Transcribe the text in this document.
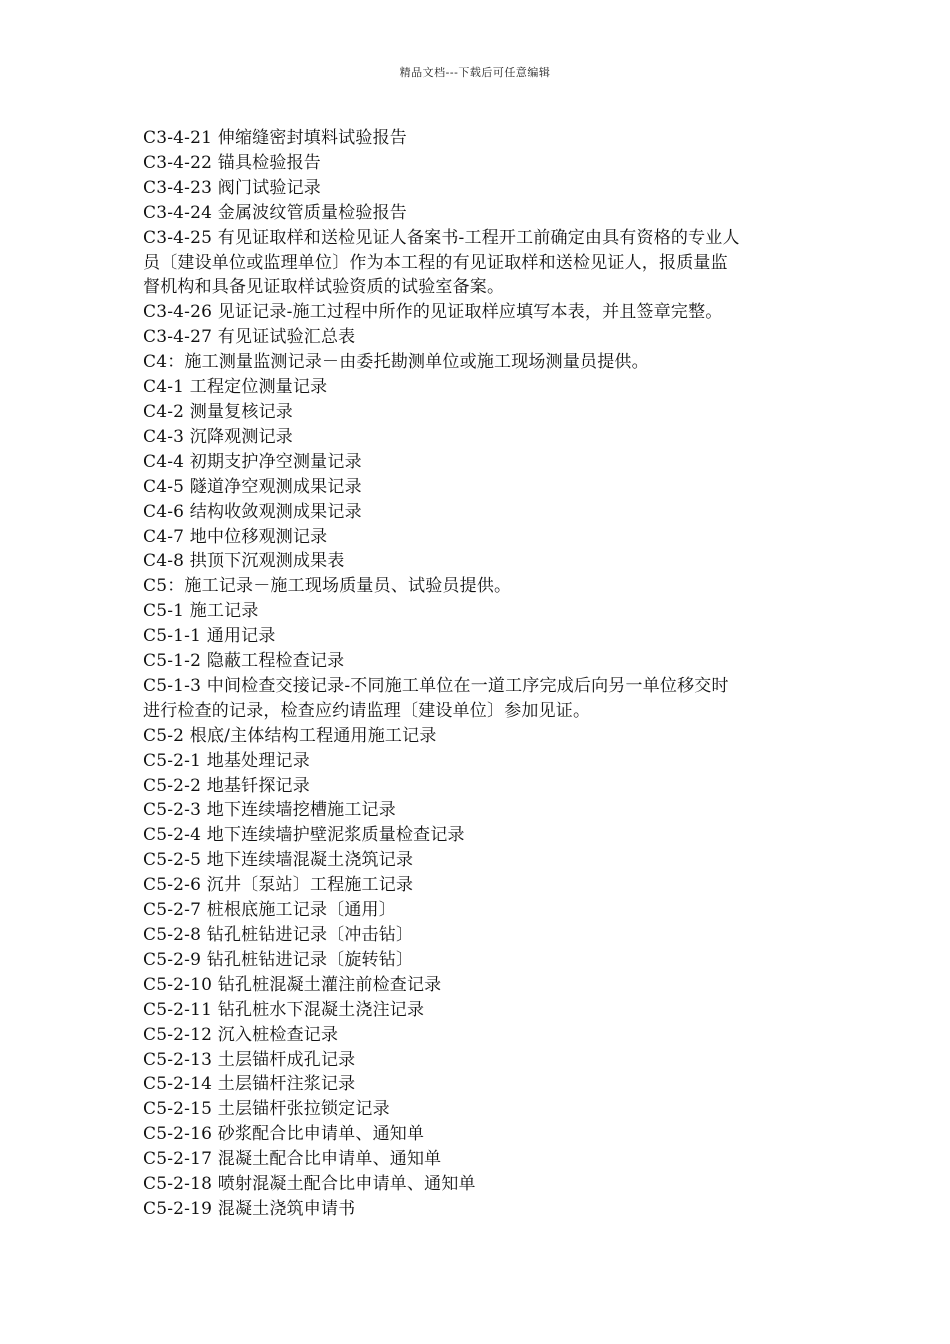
精品文档---下载后可任意编辑
C3-4-21 伸缩缝密封填料试验报告
C3-4-22 锚具检验报告
C3-4-23 阀门试验记录
C3-4-24 金属波纹管质量检验报告
C3-4-25 有见证取样和送检见证人备案书-工程开工前确定由具有资格的专业人
员〔建设单位或监理单位〕作为本工程的有见证取样和送检见证人，报质量监
督机构和具备见证取样试验资质的试验室备案。
C3-4-26 见证记录-施工过程中所作的见证取样应填写本表，并且签章完整。
C3-4-27 有见证试验汇总表
C4：施工测量监测记录－由委托勘测单位或施工现场测量员提供。
C4-1 工程定位测量记录
C4-2 测量复核记录
C4-3 沉降观测记录
C4-4 初期支护净空测量记录
C4-5 隧道净空观测成果记录
C4-6 结构收敛观测成果记录
C4-7 地中位移观测记录
C4-8 拱顶下沉观测成果表
C5：施工记录－施工现场质量员、试验员提供。
C5-1 施工记录
C5-1-1 通用记录
C5-1-2 隐蔽工程检查记录
C5-1-3 中间检查交接记录-不同施工单位在一道工序完成后向另一单位移交时
进行检查的记录，检查应约请监理〔建设单位〕参加见证。
C5-2 根底/主体结构工程通用施工记录
C5-2-1 地基处理记录
C5-2-2 地基钎探记录
C5-2-3 地下连续墙挖槽施工记录
C5-2-4 地下连续墙护壁泥浆质量检查记录
C5-2-5 地下连续墙混凝土浇筑记录
C5-2-6 沉井〔泵站〕工程施工记录
C5-2-7 桩根底施工记录〔通用〕
C5-2-8 钻孔桩钻进记录〔冲击钻〕
C5-2-9 钻孔桩钻进记录〔旋转钻〕
C5-2-10 钻孔桩混凝土灌注前检查记录
C5-2-11 钻孔桩水下混凝土浇注记录
C5-2-12 沉入桩检查记录
C5-2-13 土层锚杆成孔记录
C5-2-14 土层锚杆注浆记录
C5-2-15 土层锚杆张拉锁定记录
C5-2-16 砂浆配合比申请单、通知单
C5-2-17 混凝土配合比申请单、通知单
C5-2-18 喷射混凝土配合比申请单、通知单
C5-2-19 混凝土浇筑申请书
